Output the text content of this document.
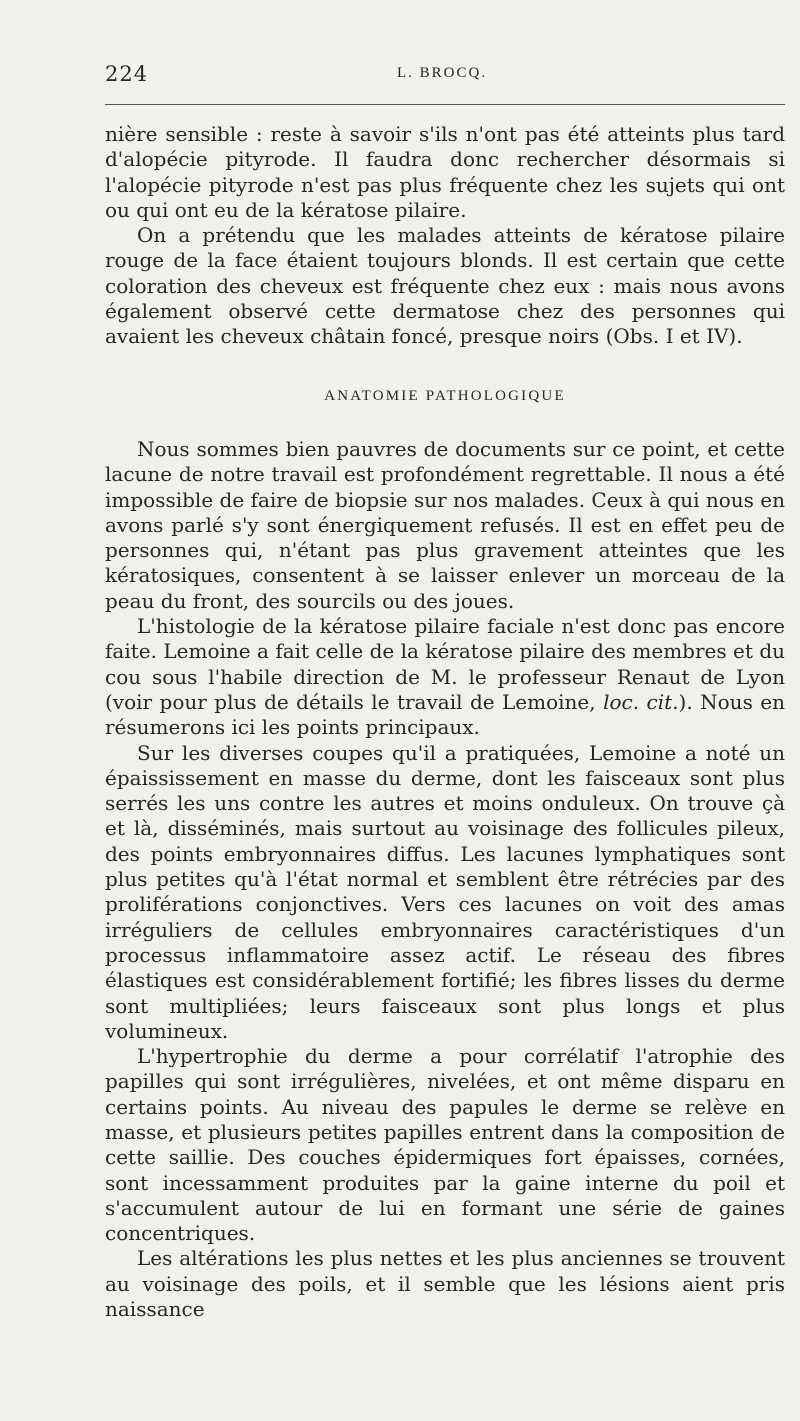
224	L. BROCQ.

nière sensible : reste à savoir s'ils n'ont pas été atteints plus tard d'alopécie pityrode. Il faudra donc rechercher désormais si l'alopécie pityrode n'est pas plus fréquente chez les sujets qui ont ou qui ont eu de la kératose pilaire.

On a prétendu que les malades atteints de kératose pilaire rouge de la face étaient toujours blonds. Il est certain que cette coloration des cheveux est fréquente chez eux : mais nous avons également observé cette dermatose chez des personnes qui avaient les cheveux châtain foncé, presque noirs (Obs. I et IV).

ANATOMIE PATHOLOGIQUE

Nous sommes bien pauvres de documents sur ce point, et cette lacune de notre travail est profondément regrettable. Il nous a été impossible de faire de biopsie sur nos malades. Ceux à qui nous en avons parlé s'y sont énergiquement refusés. Il est en effet peu de personnes qui, n'étant pas plus gravement atteintes que les kératosiques, consentent à se laisser enlever un morceau de la peau du front, des sourcils ou des joues.

L'histologie de la kératose pilaire faciale n'est donc pas encore faite. Lemoine a fait celle de la kératose pilaire des membres et du cou sous l'habile direction de M. le professeur Renaut de Lyon (voir pour plus de détails le travail de Lemoine, loc. cit.). Nous en résumerons ici les points principaux.

Sur les diverses coupes qu'il a pratiquées, Lemoine a noté un épaississement en masse du derme, dont les faisceaux sont plus serrés les uns contre les autres et moins onduleux. On trouve çà et là, disséminés, mais surtout au voisinage des follicules pileux, des points embryonnaires diffus. Les lacunes lymphatiques sont plus petites qu'à l'état normal et semblent être rétrécies par des proliférations conjonctives. Vers ces lacunes on voit des amas irréguliers de cellules embryonnaires caractéristiques d'un processus inflammatoire assez actif. Le réseau des fibres élastiques est considérablement fortifié; les fibres lisses du derme sont multipliées; leurs faisceaux sont plus longs et plus volumineux.

L'hypertrophie du derme a pour corrélatif l'atrophie des papilles qui sont irrégulières, nivelées, et ont même disparu en certains points. Au niveau des papules le derme se relève en masse, et plusieurs petites papilles entrent dans la composition de cette saillie. Des couches épidermiques fort épaisses, cornées, sont incessamment produites par la gaine interne du poil et s'accumulent autour de lui en formant une série de gaines concentriques.

Les altérations les plus nettes et les plus anciennes se trouvent au voisinage des poils, et il semble que les lésions aient pris naissance
